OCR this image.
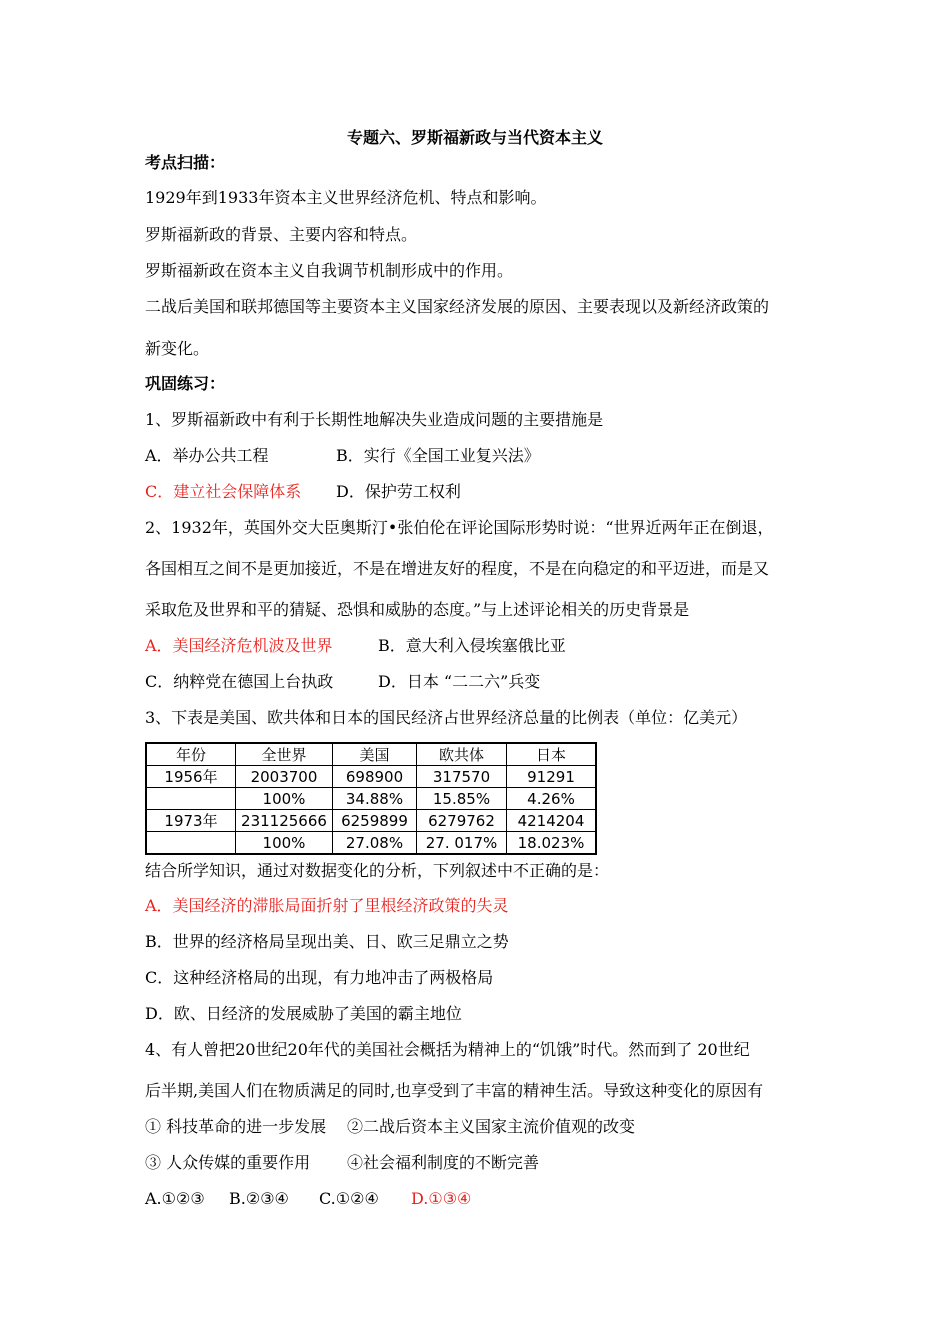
专题六、罗斯福新政与当代资本主义
考点扫描：
1929年到1933年资本主义世界经济危机、特点和影响。
罗斯福新政的背景、主要内容和特点。
罗斯福新政在资本主义自我调节机制形成中的作用。
二战后美国和联邦德国等主要资本主义国家经济发展的原因、主要表现以及新经济政策的
新变化。
巩固练习：
1、罗斯福新政中有利于长期性地解决失业造成问题的主要措施是
A．举办公共工程	B．实行《全国工业复兴法》
C．建立社会保障体系 D．保护劳工权利
2、1932年，英国外交大臣奥斯汀•张伯伦在评论国际形势时说：“世界近两年正在倒退，
各国相互之间不是更加接近，不是在增进友好的程度，不是在向稳定的和平迈进，而是又
采取危及世界和平的猜疑、恐惧和威胁的态度。”与上述评论相关的历史背景是
A．美国经济危机波及世界	B．意大利入侵埃塞俄比亚
C．纳粹党在德国上台执政	D．日本 “二二六”兵变
3、下表是美国、欧共体和日本的国民经济占世界经济总量的比例表（单位：亿美元）
年份	全世界	美国	欧共体	日本
1956年	2003700	698900	317570	91291
	100%	34.88%	15.85%	4.26%
1973年	231125666	6259899	6279762	4214204
	100%	27.08%	27. 017%	18.023%
结合所学知识，通过对数据变化的分析，下列叙述中不正确的是：
A．美国经济的滞胀局面折射了里根经济政策的失灵
B．世界的经济格局呈现出美、日、欧三足鼎立之势
C．这种经济格局的出现，有力地冲击了两极格局
D．欧、日经济的发展威胁了美国的霸主地位
4、有人曾把20世纪20年代的美国社会概括为精神上的“饥饿”时代。然而到了 20世纪
后半期,美国人们在物质满足的同时,也享受到了丰富的精神生活。导致这种变化的原因有
① 科技革命的进一步发展 ②二战后资本主义国家主流价值观的改变
③ 人众传媒的重要作用 ④社会福利制度的不断完善
A.①②③ B.②③④ C.①②④ D.①③④
